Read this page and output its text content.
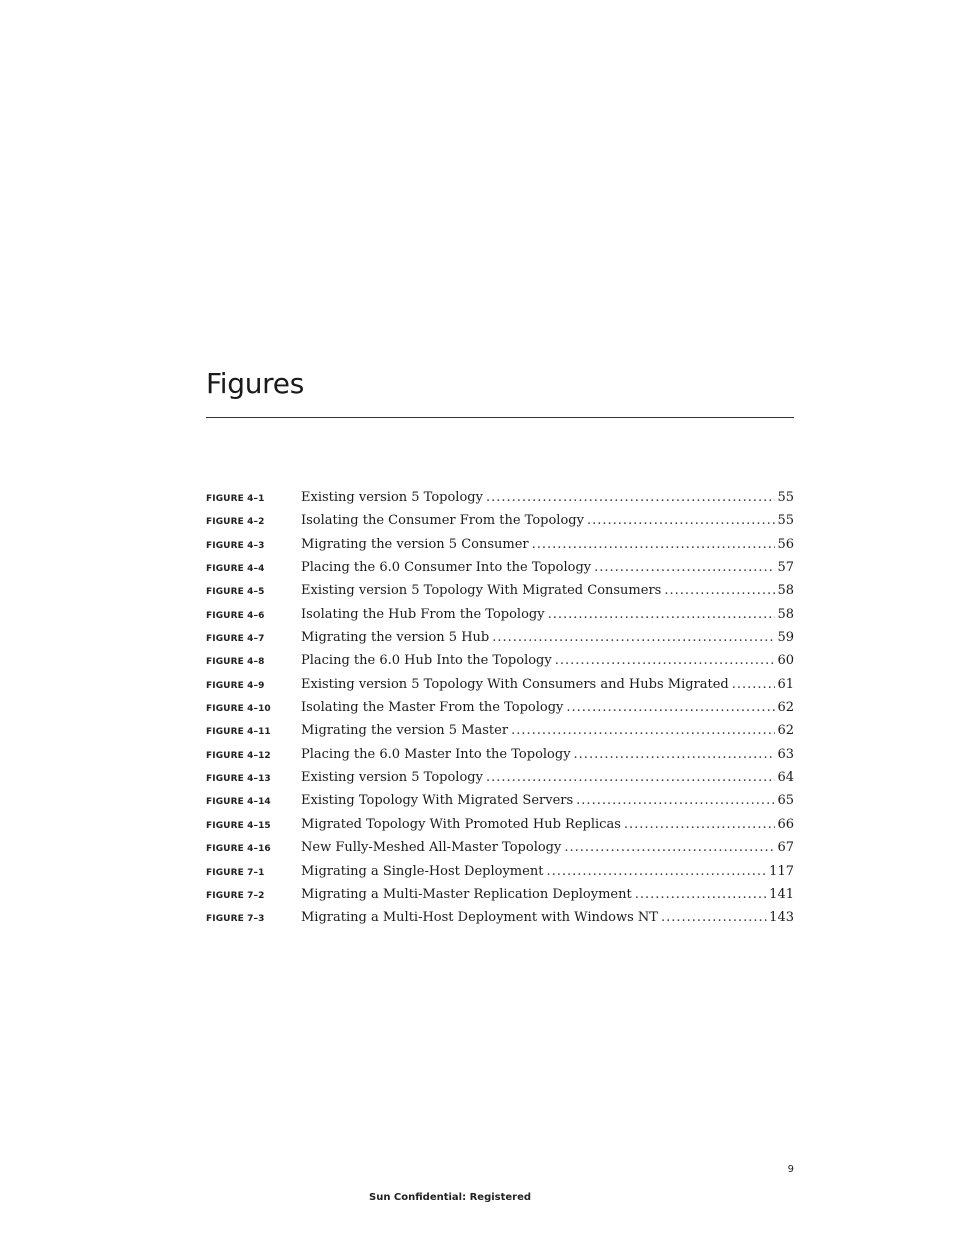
Figures
FIGURE 4–1	Existing version 5 Topology .....	55
FIGURE 4–2	Isolating the Consumer From the Topology .....	55
FIGURE 4–3	Migrating the version 5 Consumer .....	56
FIGURE 4–4	Placing the 6.0 Consumer Into the Topology .....	57
FIGURE 4–5	Existing version 5 Topology With Migrated Consumers .....	58
FIGURE 4–6	Isolating the Hub From the Topology .....	58
FIGURE 4–7	Migrating the version 5 Hub .....	59
FIGURE 4–8	Placing the 6.0 Hub Into the Topology .....	60
FIGURE 4–9	Existing version 5 Topology With Consumers and Hubs Migrated .....	61
FIGURE 4–10	Isolating the Master From the Topology .....	62
FIGURE 4–11	Migrating the version 5 Master .....	62
FIGURE 4–12	Placing the 6.0 Master Into the Topology .....	63
FIGURE 4–13	Existing version 5 Topology .....	64
FIGURE 4–14	Existing Topology With Migrated Servers .....	65
FIGURE 4–15	Migrated Topology With Promoted Hub Replicas .....	66
FIGURE 4–16	New Fully-Meshed All-Master Topology .....	67
FIGURE 7–1	Migrating a Single-Host Deployment .....	117
FIGURE 7–2	Migrating a Multi-Master Replication Deployment .....	141
FIGURE 7–3	Migrating a Multi-Host Deployment with Windows NT .....	143
9
Sun Confidential: Registered
